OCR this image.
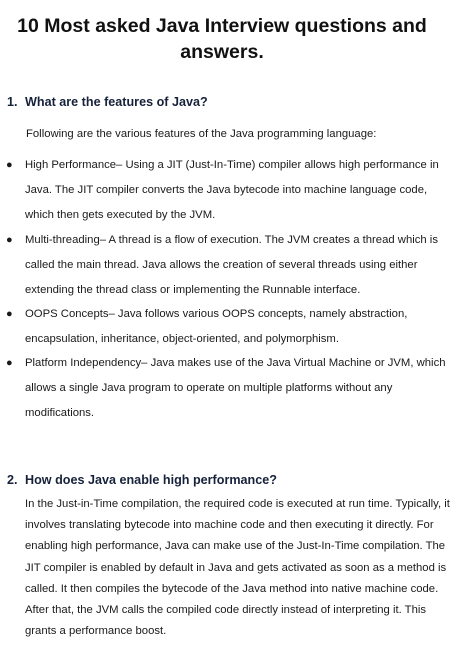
10 Most asked Java Interview questions and answers.
1. What are the features of Java?
Following are the various features of the Java programming language:
●	High Performance– Using a JIT (Just-In-Time) compiler allows high performance in Java. The JIT compiler converts the Java bytecode into machine language code, which then gets executed by the JVM.
●	Multi-threading– A thread is a flow of execution. The JVM creates a thread which is called the main thread. Java allows the creation of several threads using either extending the thread class or implementing the Runnable interface.
●	OOPS Concepts– Java follows various OOPS concepts, namely abstraction, encapsulation, inheritance, object-oriented, and polymorphism.
●	Platform Independency– Java makes use of the Java Virtual Machine or JVM, which allows a single Java program to operate on multiple platforms without any modifications.
2. How does Java enable high performance?
In the Just-in-Time compilation, the required code is executed at run time. Typically, it involves translating bytecode into machine code and then executing it directly. For enabling high performance, Java can make use of the Just-In-Time compilation. The JIT compiler is enabled by default in Java and gets activated as soon as a method is called. It then compiles the bytecode of the Java method into native machine code. After that, the JVM calls the compiled code directly instead of interpreting it. This grants a performance boost.
